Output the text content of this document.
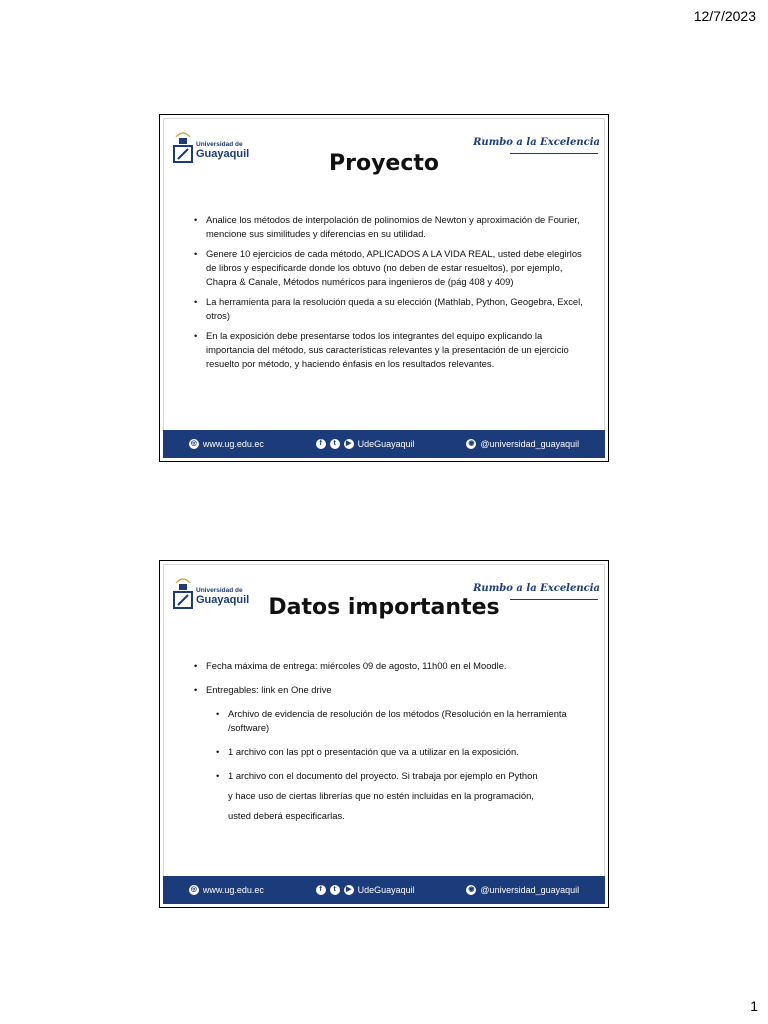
12/7/2023
Universidad de
Guayaquil
Rumbo a la Excelencia
Proyecto
• Analice los métodos de interpolación de polinomios de Newton y aproximación de Fourier, mencione sus similitudes y diferencias en su utilidad.
• Genere 10 ejercicios de cada método, APLICADOS A LA VIDA REAL, usted debe elegirlos de libros y especificarde donde los obtuvo (no deben de estar resueltos), por ejemplo, Chapra & Canale, Métodos numéricos para ingenieros de (pág 408 y 409)
• La herramienta para la resolución queda a su elección (Mathlab, Python, Geogebra, Excel, otros)
• En la exposición debe presentarse todos los integrantes del equipo explicando la importancia del método, sus características relevantes y la presentación de un ejercicio resuelto por método, y haciendo énfasis en los resultados relevantes.
◎ www.ug.edu.ec	f	t	▶ UdeGuayaquil	◉ @universidad_guayaquil
Universidad de
Guayaquil
Rumbo a la Excelencia
Datos importantes
• Fecha máxima de entrega: miércoles 09 de agosto, 11h00 en el Moodle.
• Entregables: link en One drive
• Archivo de evidencia de resolución de los métodos (Resolución en la herramienta /software)
• 1 archivo con las ppt o presentación que va a utilizar en la exposición.
• 1 archivo con el documento del proyecto. Si trabaja por ejemplo en Python
y hace uso de ciertas librerías que no estén incluidas en la programación,
usted deberá especificarlas.
◎ www.ug.edu.ec	f	t	▶ UdeGuayaquil	◉ @universidad_guayaquil
1
